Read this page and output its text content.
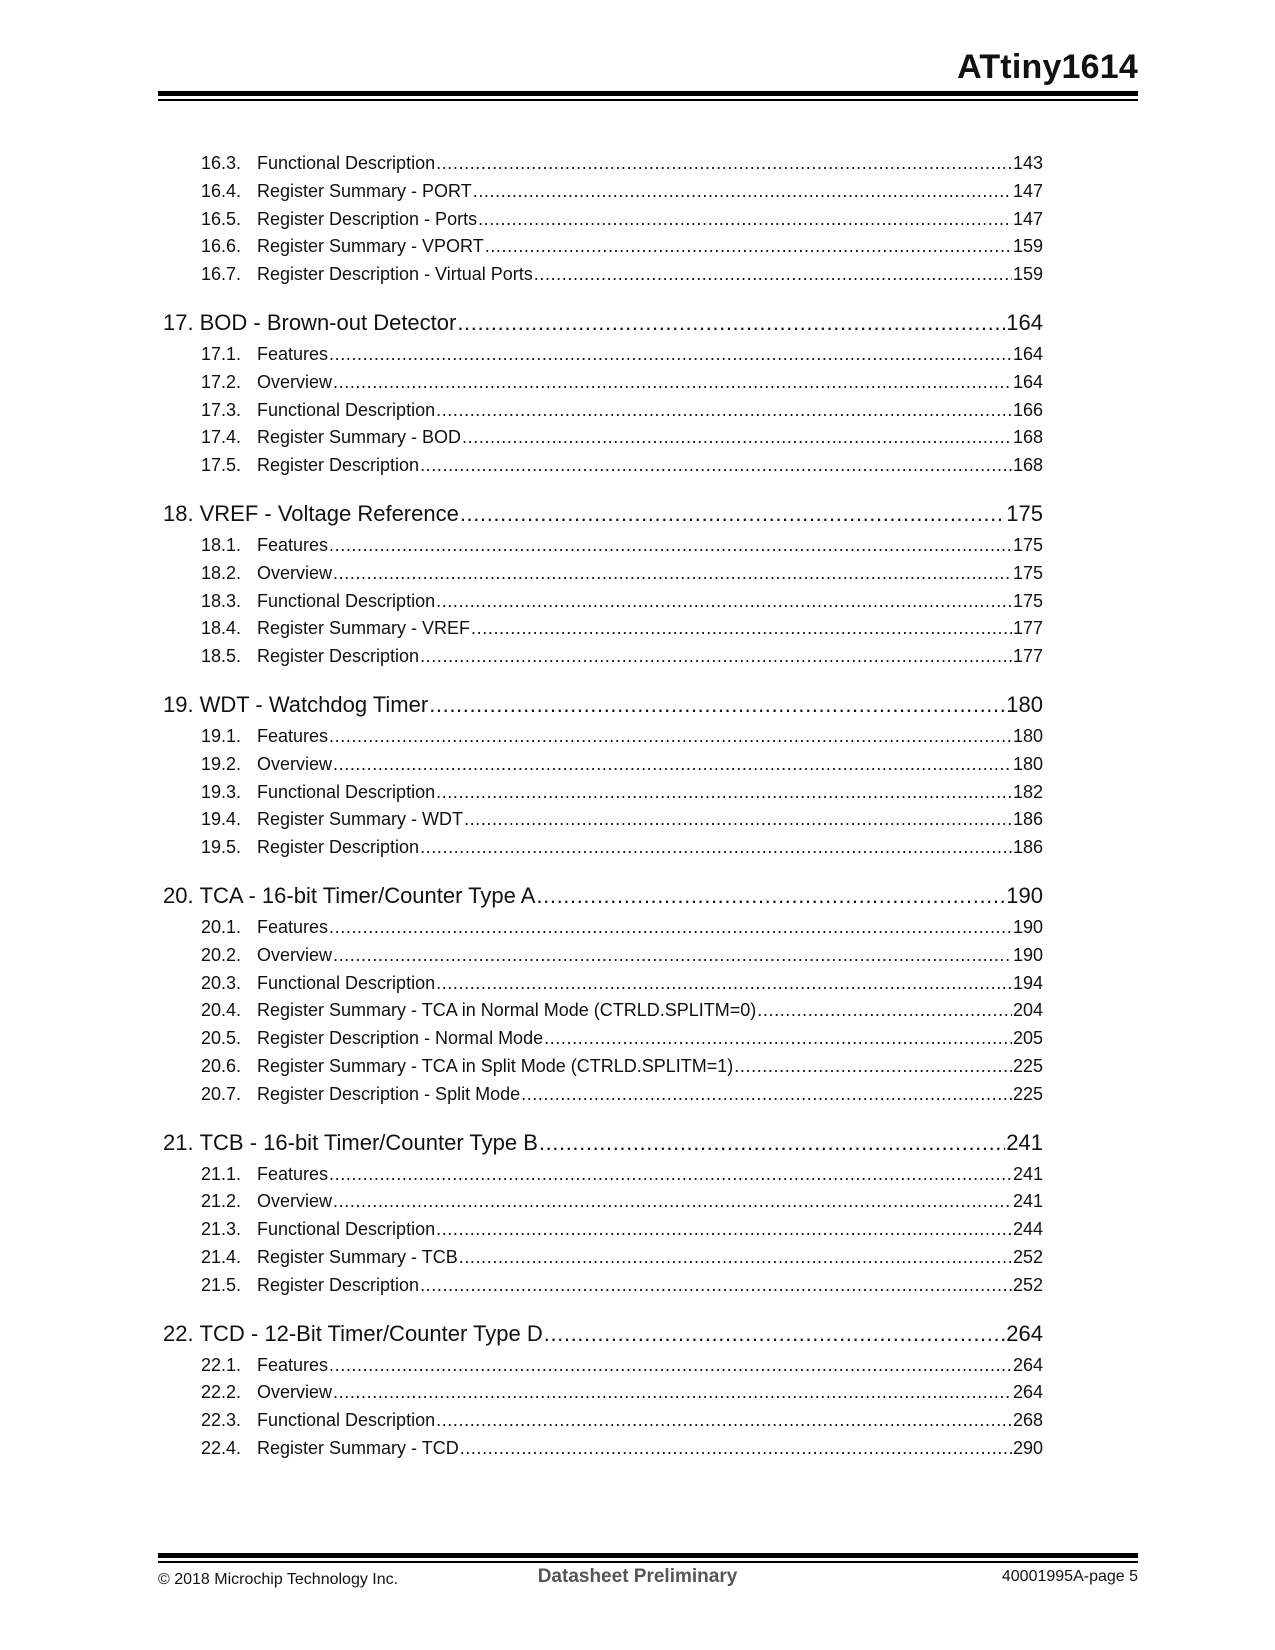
ATtiny1614
16.3. Functional Description .....	143
16.4. Register Summary - PORT .....	147
16.5. Register Description - Ports .....	147
16.6. Register Summary - VPORT .....	159
16.7. Register Description - Virtual Ports .....	159
17. BOD - Brown-out Detector .....	164
17.1. Features .....	164
17.2. Overview .....	164
17.3. Functional Description .....	166
17.4. Register Summary - BOD .....	168
17.5. Register Description .....	168
18. VREF - Voltage Reference .....	175
18.1. Features .....	175
18.2. Overview .....	175
18.3. Functional Description .....	175
18.4. Register Summary - VREF .....	177
18.5. Register Description .....	177
19. WDT - Watchdog Timer .....	180
19.1. Features .....	180
19.2. Overview .....	180
19.3. Functional Description .....	182
19.4. Register Summary - WDT .....	186
19.5. Register Description .....	186
20. TCA - 16-bit Timer/Counter Type A .....	190
20.1. Features .....	190
20.2. Overview .....	190
20.3. Functional Description .....	194
20.4. Register Summary - TCA in Normal Mode (CTRLD.SPLITM=0) .....	204
20.5. Register Description - Normal Mode .....	205
20.6. Register Summary - TCA in Split Mode (CTRLD.SPLITM=1) .....	225
20.7. Register Description - Split Mode .....	225
21. TCB - 16-bit Timer/Counter Type B .....	241
21.1. Features .....	241
21.2. Overview .....	241
21.3. Functional Description .....	244
21.4. Register Summary - TCB .....	252
21.5. Register Description .....	252
22. TCD - 12-Bit Timer/Counter Type D .....	264
22.1. Features .....	264
22.2. Overview .....	264
22.3. Functional Description .....	268
22.4. Register Summary - TCD .....	290
© 2018 Microchip Technology Inc.	Datasheet Preliminary	40001995A-page 5
